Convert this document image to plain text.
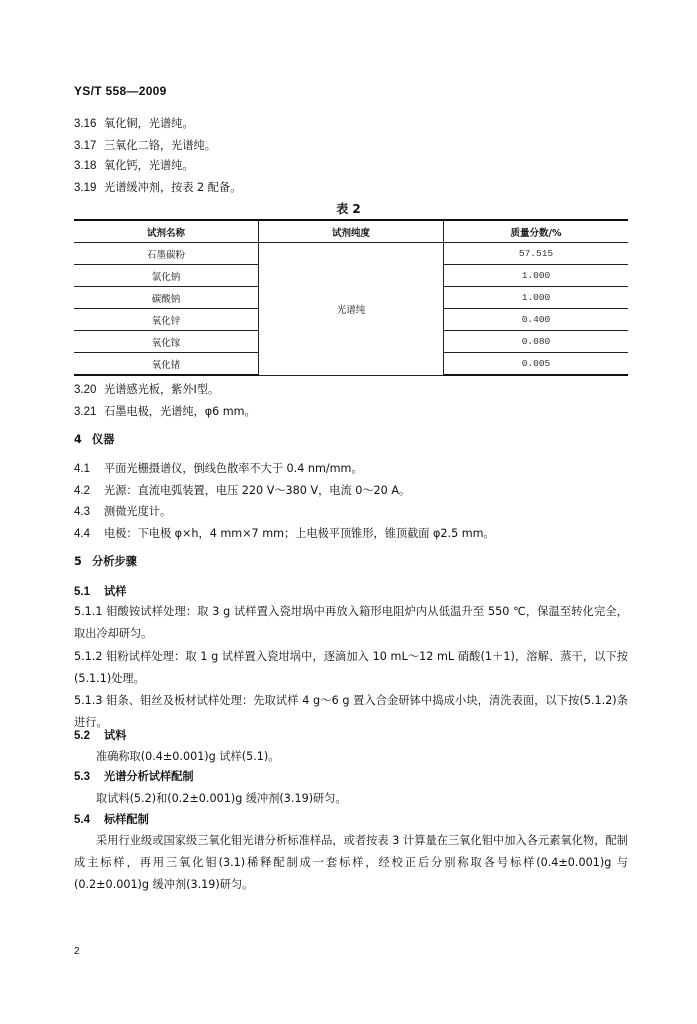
YS/T 558—2009
3.16 氧化铜，光谱纯。
3.17 三氧化二铬，光谱纯。
3.18 氧化钙，光谱纯。
3.19 光谱缓冲剂，按表 2 配备。
表 2
试剂名称	试剂纯度	质量分数/%
石墨碳粉	光谱纯	57.515
氯化钠		1.000
碳酸钠		1.000
氧化锌		0.400
氧化镓		0.080
氧化锗		0.005
3.20 光谱感光板，紫外Ⅰ型。
3.21 石墨电极，光谱纯，φ6 mm。
4 仪器
4.1 平面光栅摄谱仪，倒线色散率不大于 0.4 nm/mm。
4.2 光源：直流电弧装置，电压 220 V～380 V，电流 0～20 A。
4.3 测微光度计。
4.4 电极：下电极 φ×h，4 mm×7 mm；上电极平顶锥形，锥顶截面 φ2.5 mm。
5 分析步骤
5.1 试样
5.1.1 钼酸铵试样处理：取 3 g 试样置入瓷坩埚中再放入箱形电阻炉内从低温升至 550 ℃，保温至转化完全，取出冷却研匀。
5.1.2 钼粉试样处理：取 1 g 试样置入瓷坩埚中，逐滴加入 10 mL～12 mL 硝酸(1＋1)，溶解、蒸干，以下按(5.1.1)处理。
5.1.3 钼条、钼丝及板材试样处理：先取试样 4 g～6 g 置入合金研钵中捣成小块，清洗表面，以下按(5.1.2)条进行。
5.2 试料
准确称取(0.4±0.001)g 试样(5.1)。
5.3 光谱分析试样配制
取试料(5.2)和(0.2±0.001)g 缓冲剂(3.19)研匀。
5.4 标样配制
采用行业级或国家级三氧化钼光谱分析标准样品，或者按表 3 计算量在三氧化钼中加入各元素氧化物，配制成主标样，再用三氧化钼(3.1)稀释配制成一套标样，经校正后分别称取各号标样(0.4±0.001)g 与(0.2±0.001)g 缓冲剂(3.19)研匀。
2
